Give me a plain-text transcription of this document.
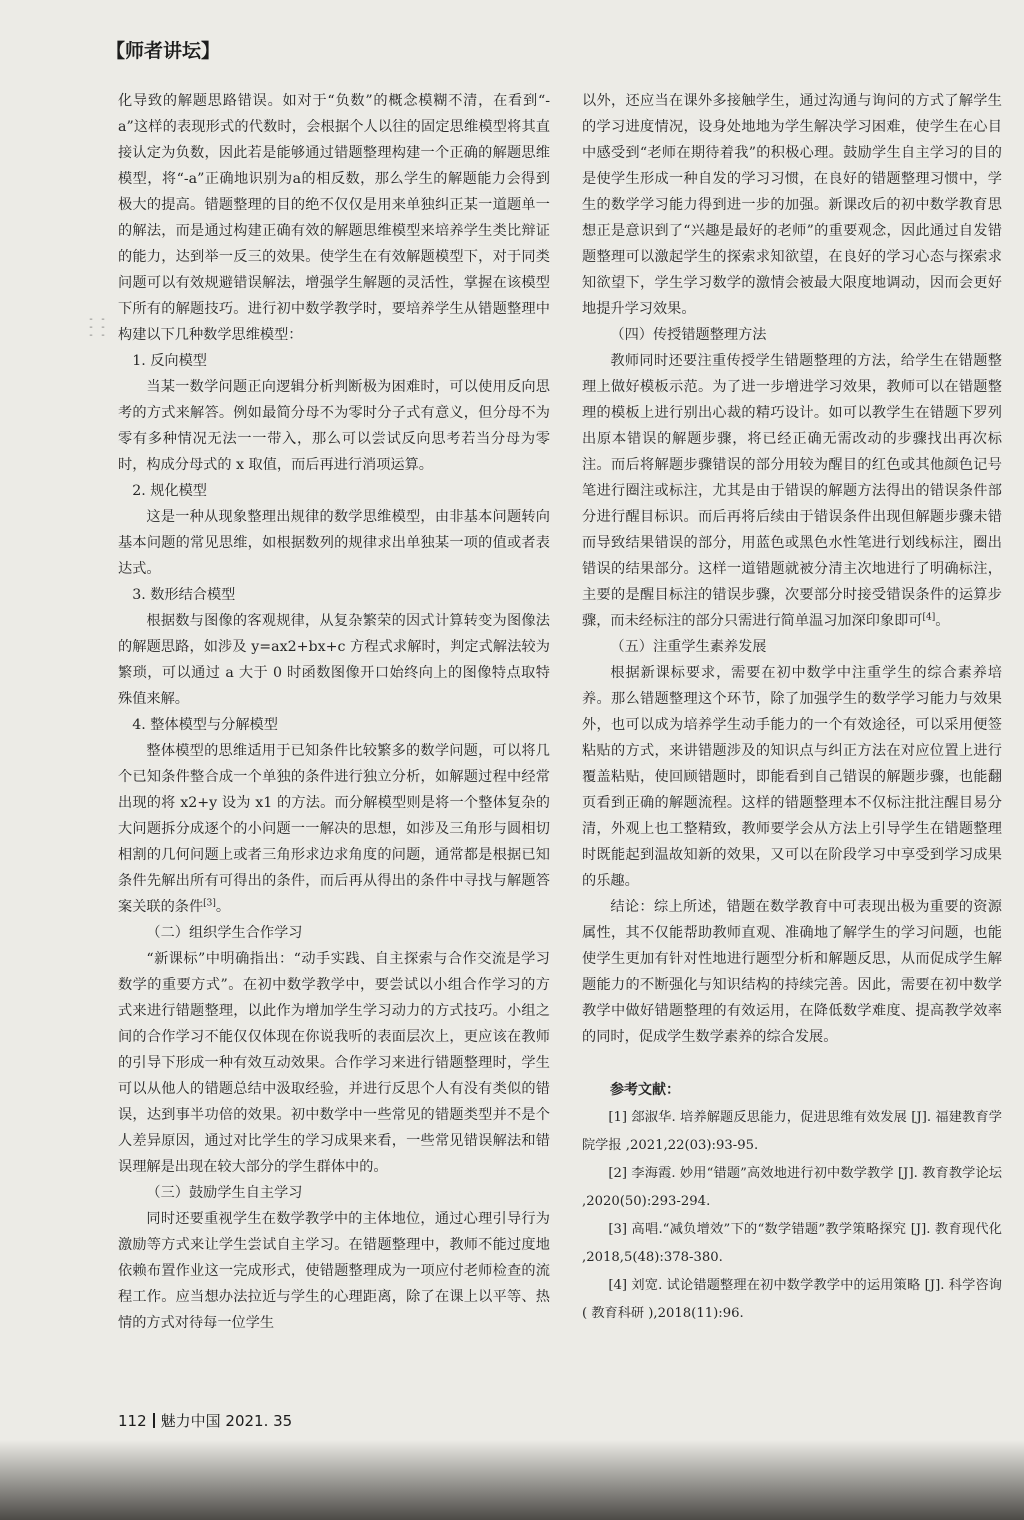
【师者讲坛】
- -
- -
- -
化导致的解题思路错误。如对于“负数”的概念模糊不清，在看到“-a”这样的表现形式的代数时，会根据个人以往的固定思维模型将其直接认定为负数，因此若是能够通过错题整理构建一个正确的解题思维模型，将“-a”正确地识别为a的相反数，那么学生的解题能力会得到极大的提高。错题整理的目的绝不仅仅是用来单独纠正某一道题单一的解法，而是通过构建正确有效的解题思维模型来培养学生类比辩证的能力，达到举一反三的效果。使学生在有效解题模型下，对于同类问题可以有效规避错误解法，增强学生解题的灵活性，掌握在该模型下所有的解题技巧。进行初中数学教学时，要培养学生从错题整理中构建以下几种数学思维模型：
1. 反向模型
当某一数学问题正向逻辑分析判断极为困难时，可以使用反向思考的方式来解答。例如最简分母不为零时分子式有意义，但分母不为零有多种情况无法一一带入，那么可以尝试反向思考若当分母为零时，构成分母式的 x 取值，而后再进行消项运算。
2. 规化模型
这是一种从现象整理出规律的数学思维模型，由非基本问题转向基本问题的常见思维，如根据数列的规律求出单独某一项的值或者表达式。
3. 数形结合模型
根据数与图像的客观规律，从复杂繁荣的因式计算转变为图像法的解题思路，如涉及 y=ax2+bx+c 方程式求解时，判定式解法较为繁琐，可以通过 a 大于 0 时函数图像开口始终向上的图像特点取特殊值来解。
4. 整体模型与分解模型
整体模型的思维适用于已知条件比较繁多的数学问题，可以将几个已知条件整合成一个单独的条件进行独立分析，如解题过程中经常出现的将 x2+y 设为 x1 的方法。而分解模型则是将一个整体复杂的大问题拆分成逐个的小问题一一解决的思想，如涉及三角形与圆相切相割的几何问题上或者三角形求边求角度的问题，通常都是根据已知条件先解出所有可得出的条件，而后再从得出的条件中寻找与解题答案关联的条件[3]。
（二）组织学生合作学习
“新课标”中明确指出：“动手实践、自主探索与合作交流是学习数学的重要方式”。在初中数学教学中，要尝试以小组合作学习的方式来进行错题整理，以此作为增加学生学习动力的方式技巧。小组之间的合作学习不能仅仅体现在你说我听的表面层次上，更应该在教师的引导下形成一种有效互动效果。合作学习来进行错题整理时，学生可以从他人的错题总结中汲取经验，并进行反思个人有没有类似的错误，达到事半功倍的效果。初中数学中一些常见的错题类型并不是个人差异原因，通过对比学生的学习成果来看，一些常见错误解法和错误理解是出现在较大部分的学生群体中的。
（三）鼓励学生自主学习
同时还要重视学生在数学教学中的主体地位，通过心理引导行为激励等方式来让学生尝试自主学习。在错题整理中，教师不能过度地依赖布置作业这一完成形式，使错题整理成为一项应付老师检查的流程工作。应当想办法拉近与学生的心理距离，除了在课上以平等、热情的方式对待每一位学生
以外，还应当在课外多接触学生，通过沟通与询问的方式了解学生的学习进度情况，设身处地地为学生解决学习困难，使学生在心目中感受到“老师在期待着我”的积极心理。鼓励学生自主学习的目的是使学生形成一种自发的学习习惯，在良好的错题整理习惯中，学生的数学学习能力得到进一步的加强。新课改后的初中数学教育思想正是意识到了“兴趣是最好的老师”的重要观念，因此通过自发错题整理可以激起学生的探索求知欲望，在良好的学习心态与探索求知欲望下，学生学习数学的激情会被最大限度地调动，因而会更好地提升学习效果。
（四）传授错题整理方法
教师同时还要注重传授学生错题整理的方法，给学生在错题整理上做好模板示范。为了进一步增进学习效果，教师可以在错题整理的模板上进行别出心裁的精巧设计。如可以教学生在错题下罗列出原本错误的解题步骤，将已经正确无需改动的步骤找出再次标注。而后将解题步骤错误的部分用较为醒目的红色或其他颜色记号笔进行圈注或标注，尤其是由于错误的解题方法得出的错误条件部分进行醒目标识。而后再将后续由于错误条件出现但解题步骤未错而导致结果错误的部分，用蓝色或黑色水性笔进行划线标注，圈出错误的结果部分。这样一道错题就被分清主次地进行了明确标注，主要的是醒目标注的错误步骤，次要部分时接受错误条件的运算步骤，而未经标注的部分只需进行简单温习加深印象即可[4]。
（五）注重学生素养发展
根据新课标要求，需要在初中数学中注重学生的综合素养培养。那么错题整理这个环节，除了加强学生的数学学习能力与效果外，也可以成为培养学生动手能力的一个有效途径，可以采用便签粘贴的方式，来讲错题涉及的知识点与纠正方法在对应位置上进行覆盖粘贴，使回顾错题时，即能看到自己错误的解题步骤，也能翻页看到正确的解题流程。这样的错题整理本不仅标注批注醒目易分清，外观上也工整精致，教师要学会从方法上引导学生在错题整理时既能起到温故知新的效果，又可以在阶段学习中享受到学习成果的乐趣。
结论：综上所述，错题在数学教育中可表现出极为重要的资源属性，其不仅能帮助教师直观、准确地了解学生的学习问题，也能使学生更加有针对性地进行题型分析和解题反思，从而促成学生解题能力的不断强化与知识结构的持续完善。因此，需要在初中数学教学中做好错题整理的有效运用，在降低数学难度、提高教学效率的同时，促成学生数学素养的综合发展。
参考文献：
[1] 郐淑华. 培养解题反思能力，促进思维有效发展 [J]. 福建教育学院学报 ,2021,22(03):93-95.
[2] 李海霞. 妙用“错题”高效地进行初中数学教学 [J]. 教育教学论坛 ,2020(50):293-294.
[3] 高唱.“减负增效”下的“数学错题”教学策略探究 [J]. 教育现代化 ,2018,5(48):378-380.
[4] 刘宽. 试论错题整理在初中数学教学中的运用策略 [J]. 科学咨询 ( 教育科研 ),2018(11):96.
112 魅力中国 2021. 35
